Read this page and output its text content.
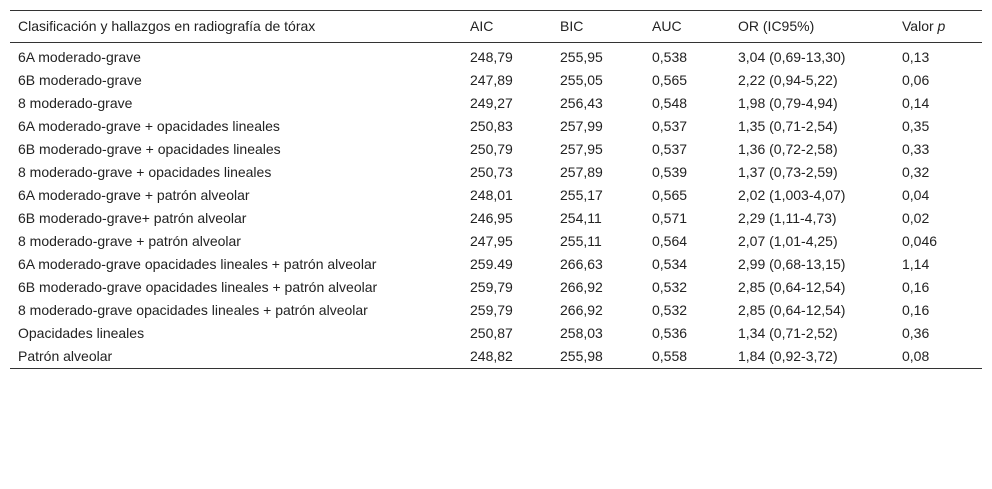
Clasificación y hallazgos en radiografía de tórax	AIC	BIC	AUC	OR (IC95%)	Valor p
6A moderado-grave	248,79	255,95	0,538	3,04 (0,69-13,30)	0,13
6B moderado-grave	247,89	255,05	0,565	2,22 (0,94-5,22)	0,06
8 moderado-grave	249,27	256,43	0,548	1,98 (0,79-4,94)	0,14
6A moderado-grave + opacidades lineales	250,83	257,99	0,537	1,35 (0,71-2,54)	0,35
6B moderado-grave + opacidades lineales	250,79	257,95	0,537	1,36 (0,72-2,58)	0,33
8 moderado-grave + opacidades lineales	250,73	257,89	0,539	1,37 (0,73-2,59)	0,32
6A moderado-grave + patrón alveolar	248,01	255,17	0,565	2,02 (1,003-4,07)	0,04
6B moderado-grave+ patrón alveolar	246,95	254,11	0,571	2,29 (1,11-4,73)	0,02
8 moderado-grave + patrón alveolar	247,95	255,11	0,564	2,07 (1,01-4,25)	0,046
6A moderado-grave opacidades lineales + patrón alveolar	259.49	266,63	0,534	2,99 (0,68-13,15)	1,14
6B moderado-grave opacidades lineales + patrón alveolar	259,79	266,92	0,532	2,85 (0,64-12,54)	0,16
8 moderado-grave opacidades lineales + patrón alveolar	259,79	266,92	0,532	2,85 (0,64-12,54)	0,16
Opacidades lineales	250,87	258,03	0,536	1,34 (0,71-2,52)	0,36
Patrón alveolar	248,82	255,98	0,558	1,84 (0,92-3,72)	0,08
